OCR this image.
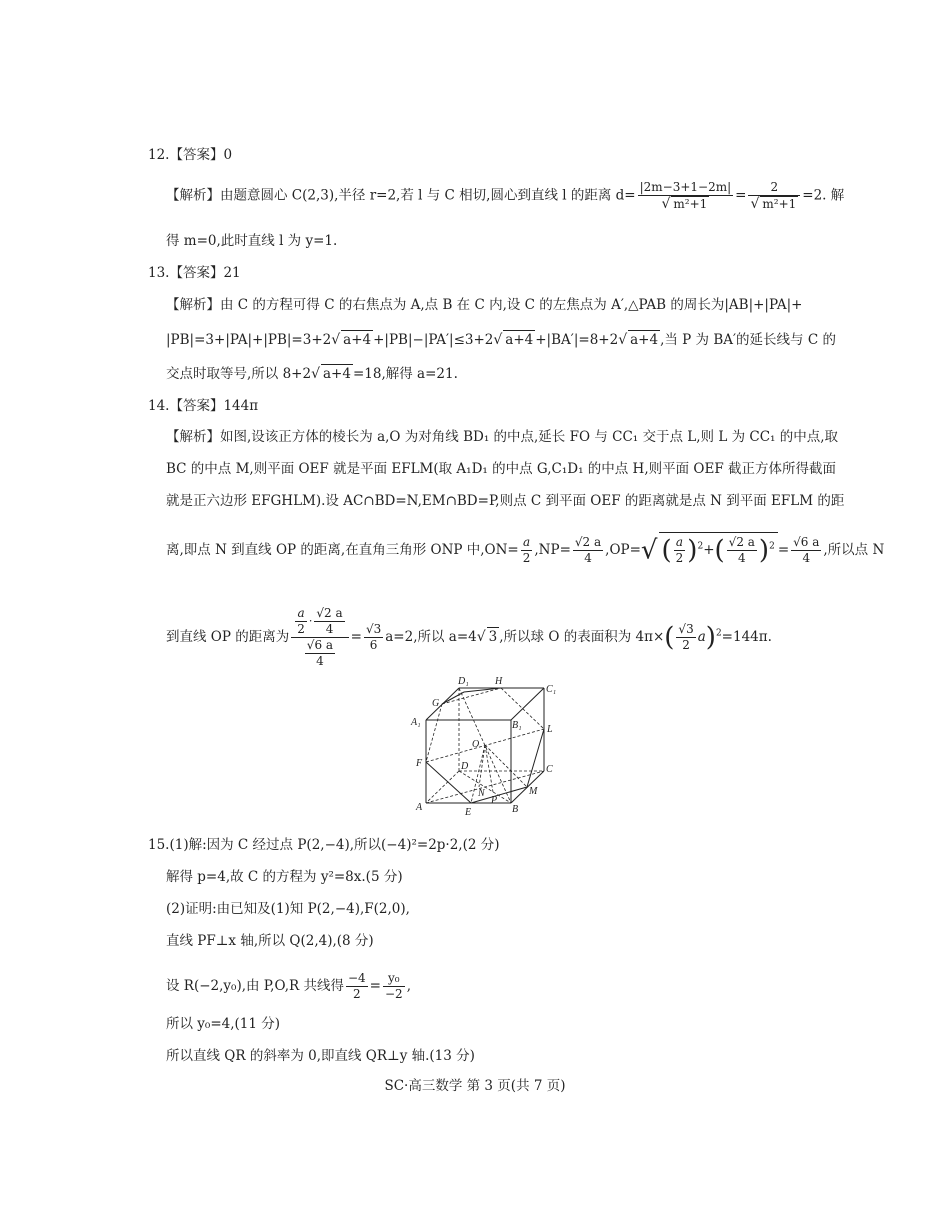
12.【答案】0
【解析】由题意圆心 C(2,3),半径 r=2,若 l 与 C 相切,圆心到直线 l 的距离 $d= \frac{|2m-3+1-2m|}{\text{√ m²+1}} = \frac{2}{\text{√ m²+1}} =2$. 解
得 m=0,此时直线 l 为 y=1.
13.【答案】21
【解析】由 C 的方程可得 C 的右焦点为 A,点 B 在 C 内,设 C 的左焦点为 A′,△PAB 的周长为|AB|+|PA|+
|PB|=3+|PA|+|PB|=3+2√ a+4 +|PB|−|PA′|≤3+2√ a+4 +|BA′|=8+2√ a+4 ,当 P 为 BA′的延长线与 C 的
交点时取等号,所以 8+2√ a+4 =18,解得 a=21.
14.【答案】144π
【解析】如图,设该正方体的棱长为 a,O 为对角线 BD₁ 的中点,延长 FO 与 CC₁ 交于点 L,则 L 为 CC₁ 的中点,取
BC 的中点 M,则平面 OEF 就是平面 EFLM(取 A₁D₁ 的中点 G,C₁D₁ 的中点 H,则平面 OEF 截正方体所得截面
就是正六边形 EFGHLM).设 AC∩BD=N,EM∩BD=P,则点 C 到平面 OEF 的距离就是点 N 到平面 EFLM 的距
离,即点 N 到直线 OP 的距离,在直角三角形 ONP 中$,ON= \frac{a}{2} ,NP= \frac{√2 a}{4} ,OP=√$ ( $\frac{a}{2} )^2+( \frac{√2 a}{4} )^2 = \frac{√6 a}{4}$ ,所以点 N
到直线 OP 的距离为 $\frac{\frac{a}{2} \cdot \frac{√2 a}{4}}{\frac{√6 a}{4}} = \frac{√3}{6} a=2$,所以 a=4√ 3 ,所以球 O 的表面积为 $4\pi\times( \frac{√3}{2} a)^2=144\pi$.
D₁	H
C₁
G
A₁	B₁	L
O
F	D	C
N
P
M
A	E	B
15.(1)解:因为 C 经过点 P(2,−4),所以(−4)²=2p·2,(2 分)
解得 p=4,故 C 的方程为 y²=8x.(5 分)
(2)证明:由已知及(1)知 P(2,−4),F(2,0),
直线 PF⊥x 轴,所以 Q(2,4),(8 分)
设 R(−2,y₀),由 P,O,R 共线得 $\frac{-4}{2} = \frac{\text{y₀}}{-2}$ ,
所以 y₀=4,(11 分)
所以直线 QR 的斜率为 0,即直线 QR⊥y 轴.(13 分)
SC·高三数学 第 3 页(共 7 页)
